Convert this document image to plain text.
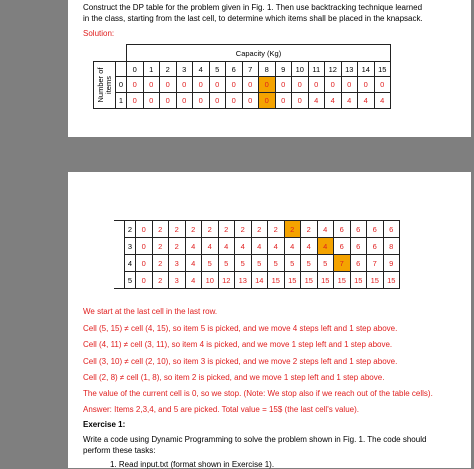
Construct the DP table for the problem given in Fig. 1. Then use backtracking technique learned
in the class, starting from the last cell, to determine which items shall be placed in the knapsack.
Solution:
		Capacity (Kg)															

Number of items		0	1	2	3	4	5	6	7	8	9	10	11	12	13	14	15
	0	0	0	0	0	0	0	0	0	0	0	0	0	0	0	0	0
	1	0	0	0	0	0	0	0	0	0	0	0	4	4	4	4	4
	2	0	2	2	2	2	2	2	2	2	2	2	4	6	6	6	6
	3	0	2	2	4	4	4	4	4	4	4	4	4	6	6	6	8
	4	0	2	3	4	5	5	5	5	5	5	5	5	7	6	7	9
	5	0	2	3	4	10	12	13	14	15	15	15	15	15	15	15	15
We start at the last cell in the last row.
Cell (5, 15) ≠ cell (4, 15), so item 5 is picked, and we move 4 steps left and 1 step above.
Cell (4, 11) ≠ cell (3, 11), so item 4 is picked, and we move 1 step left and 1 step above.
Cell (3, 10) ≠ cell (2, 10), so item 3 is picked, and we move 2 steps left and 1 step above.
Cell (2, 8) ≠ cell (1, 8), so item 2 is picked, and we move 1 step left and 1 step above.
The value of the current cell is 0, so we stop. (Note: We stop also if we reach out of the table cells).
Answer: Items 2,3,4, and 5 are picked. Total value = 15$ (the last cell's value).
Exercise 1:
Write a code using Dynamic Programming to solve the problem shown in Fig. 1. The code should
perform these tasks:
1. Read input.txt (format shown in Exercise 1).
